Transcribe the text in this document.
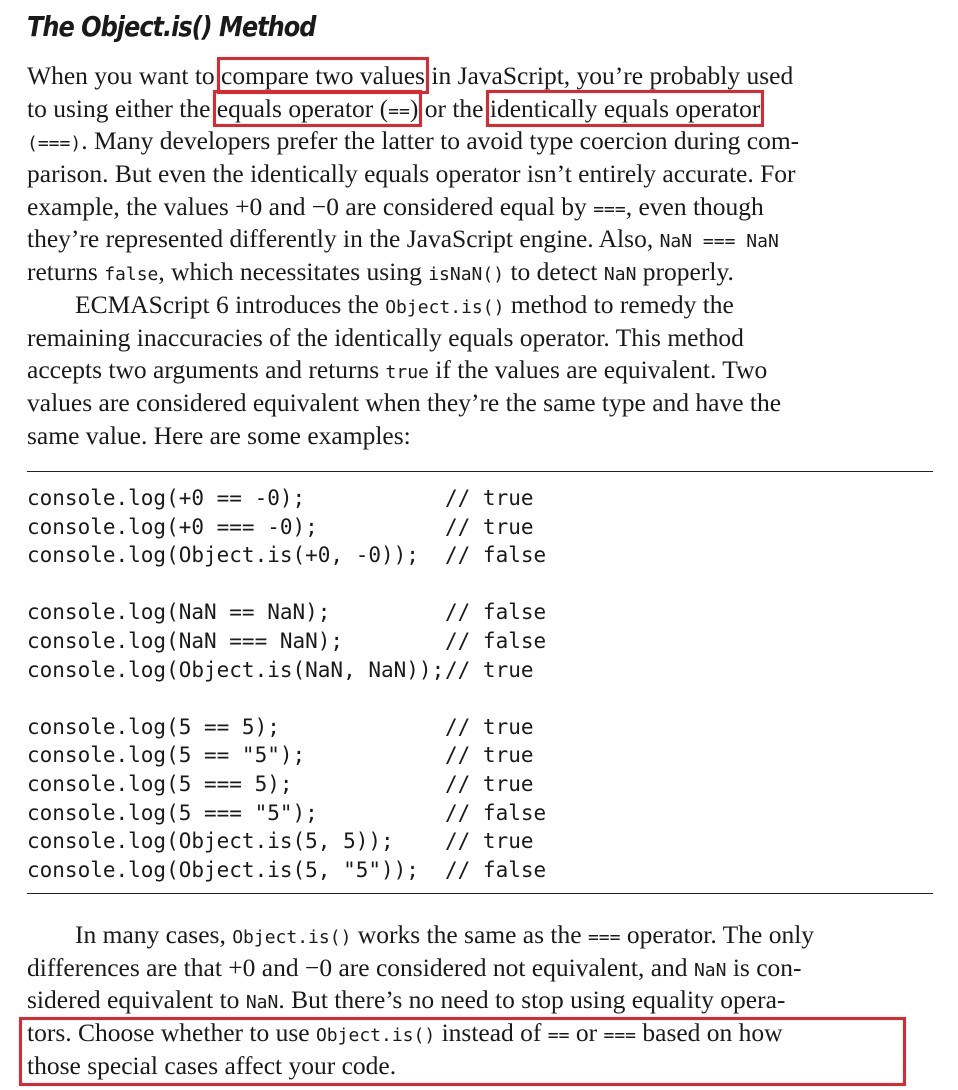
The Object.is() Method
When you want to compare two values in JavaScript, you’re probably used
to using either the equals operator (==) or the identically equals operator
(===). Many developers prefer the latter to avoid type coercion during com-
parison. But even the identically equals operator isn’t entirely accurate. For
example, the values +0 and −0 are considered equal by ===, even though
they’re represented differently in the JavaScript engine. Also, NaN === NaN
returns false, which necessitates using isNaN() to detect NaN properly.
ECMAScript 6 introduces the Object.is() method to remedy the
remaining inaccuracies of the identically equals operator. This method
accepts two arguments and returns true if the values are equivalent. Two
values are considered equivalent when they’re the same type and have the
same value. Here are some examples:
console.log(+0 == -0);	// true
console.log(+0 === -0);	// true
console.log(Object.is(+0, -0)); // false
console.log(NaN == NaN);	// false
console.log(NaN === NaN);	// false
console.log(Object.is(NaN, NaN)); // true
console.log(5 == 5);	// true
console.log(5 == "5");	// true
console.log(5 === 5);	// true
console.log(5 === "5");	// false
console.log(Object.is(5, 5)); // true
console.log(Object.is(5, "5")); // false
In many cases, Object.is() works the same as the === operator. The only
differences are that +0 and −0 are considered not equivalent, and NaN is con-
sidered equivalent to NaN. But there’s no need to stop using equality opera-
tors. Choose whether to use Object.is() instead of == or === based on how
those special cases affect your code.
